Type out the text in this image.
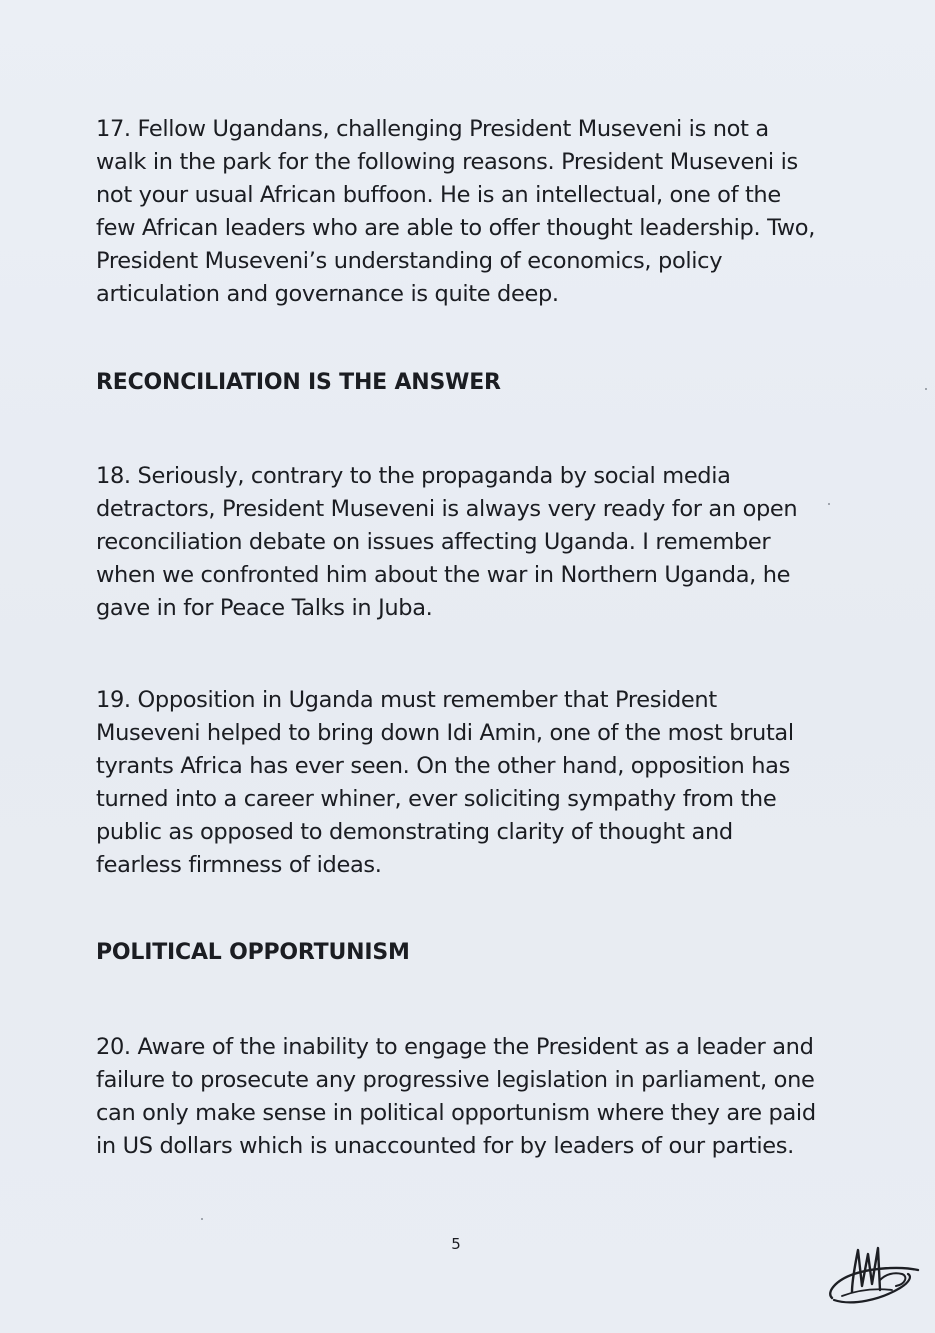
17. Fellow Ugandans, challenging President Museveni is not a walk in the park for the following reasons. President Museveni is not your usual African buffoon. He is an intellectual, one of the few African leaders who are able to offer thought leadership. Two, President Museveni’s understanding of economics, policy articulation and governance is quite deep.

RECONCILIATION IS THE ANSWER

18. Seriously, contrary to the propaganda by social media detractors, President Museveni is always very ready for an open reconciliation debate on issues affecting Uganda. I remember when we confronted him about the war in Northern Uganda, he gave in for Peace Talks in Juba.

19. Opposition in Uganda must remember that President Museveni helped to bring down Idi Amin, one of the most brutal tyrants Africa has ever seen. On the other hand, opposition has turned into a career whiner, ever soliciting sympathy from the public as opposed to demonstrating clarity of thought and fearless firmness of ideas.

POLITICAL OPPORTUNISM

20. Aware of the inability to engage the President as a leader and failure to prosecute any progressive legislation in parliament, one can only make sense in political opportunism where they are paid in US dollars which is unaccounted for by leaders of our parties.

5
